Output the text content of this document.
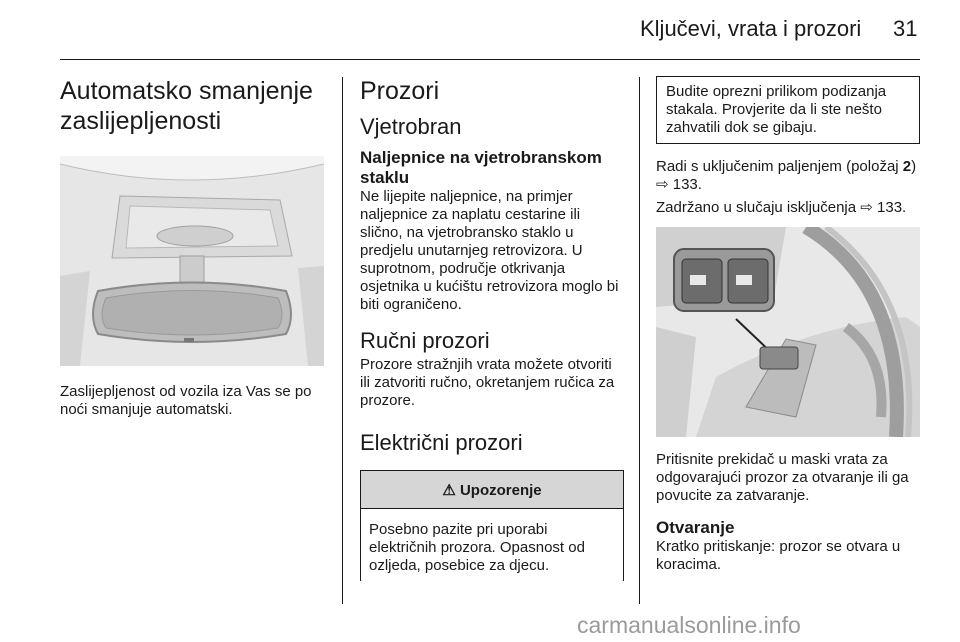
Ključevi, vrata i prozori 31
Automatsko smanjenje zaslijepljenosti

Zaslijepljenost od vozila iza Vas se po noći smanjuje automatski.

Prozori
Vjetrobran
Naljepnice na vjetrobranskom staklu

Ne lijepite naljepnice, na primjer naljepnice za naplatu cestarine ili slično, na vjetrobransko staklo u predjelu unutarnjeg retrovizora. U suprotnom, područje otkrivanja osjetnika u kućištu retrovizora moglo bi biti ograničeno.

Ručni prozori

Prozore stražnjih vrata možete otvoriti ili zatvoriti ručno, okretanjem ručica za prozore.

Električni prozori
⚠ Upozorenje

Posebno pazite pri uporabi električnih prozora. Opasnost od ozljeda, posebice za djecu.

Budite oprezni prilikom podizanja stakala. Provjerite da li ste nešto zahvatili dok se gibaju.

Radi s uključenim paljenjem (položaj 2) ⇨ 133.

Zadržano u slučaju isključenja ⇨ 133.

Pritisnite prekidač u maski vrata za odgovarajući prozor za otvaranje ili ga povucite za zatvaranje.

Otvaranje

Kratko pritiskanje: prozor se otvara u koracima.

carmanualsonline.info
